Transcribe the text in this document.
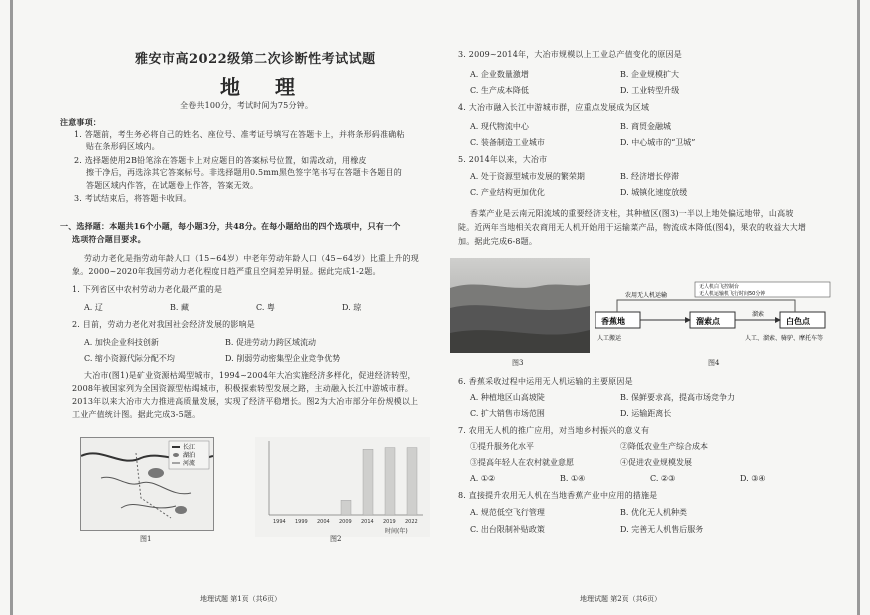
雅安市高2022级第二次诊断性考试试题
地 理
全卷共100分，考试时间为75分钟。
注意事项：
1. 答题前，考生务必将自己的姓名、座位号、准考证号填写在答题卡上，并将条形码准确粘
贴在条形码区域内。
2. 选择题使用2B铅笔涂在答题卡上对应题目的答案标号位置，如需改动，用橡皮
擦干净后，再选涂其它答案标号。非选择题用0.5mm黑色签字笔书写在答题卡各题目的
答题区域内作答，在试题卷上作答，答案无效。
3. 考试结束后，将答题卡收回。
一、选择题：本题共16个小题，每小题3分，共48分。在每小题给出的四个选项中，只有一个
选项符合题目要求。
劳动力老化是指劳动年龄人口（15~64岁）中老年劳动年龄人口（45~64岁）比重上升的现
象。2000~2020年我国劳动力老化程度日趋严重且空间差异明显。据此完成1-2题。
1. 下列省区中农村劳动力老化最严重的是
A. 辽	B. 藏	C. 粤	D. 琼
2. 目前，劳动力老化对我国社会经济发展的影响是
A. 加快企业科技创新	B. 促进劳动力跨区域流动
C. 缩小资源代际分配不均	D. 削弱劳动密集型企业竞争优势
大冶市(图1)是矿业资源枯竭型城市，1994~2004年大冶实施经济多样化，促进经济转型，
2008年被国家列为全国资源型枯竭城市，积极探索转型发展之路，主动融入长江中游城市群。
2013年以来大冶市大力推进高质量发展，实现了经济平稳增长。图2为大冶市部分年份规模以上
工业产值统计图。据此完成3-5题。
长江
湖泊
河流
图1
1994 1999 2004 2009 2014 2019 2022
时间(年)
图2
地理试题 第1页（共6页）
3. 2009~2014年，大冶市规模以上工业总产值变化的原因是
A. 企业数量激增	B. 企业规模扩大
C. 生产成本降低	D. 工业转型升级
4. 大冶市融入长江中游城市群，应重点发展成为区域
A. 现代物流中心	B. 商贸金融城
C. 装备制造工业城市	D. 中心城市的“卫城”
5. 2014年以来，大冶市
A. 处于资源型城市发展的繁荣期	B. 经济增长停滞
C. 产业结构更加优化	D. 城镇化速度放缓
香菜产业是云南元阳流域的重要经济支柱，其种植区(图3)一半以上地处偏远地带，山高坡
陡。近两年当地相关农商用无人机开始用于运输菜产品，物流成本降低(图4)，果农的收益大大增
加。据此完成6-8题。
图3
香蕉地	溜索点	白色点
农用无人机运输
无人机白飞控制台
无人机运输机飞行时间50分钟
人工搬运
溜索
人工、溜索、骑驴、摩托车等
图4
6. 香蕉采收过程中运用无人机运输的主要原因是
A. 种植地区山高坡陡	B. 保鲜要求高，提高市场竞争力
C. 扩大销售市场范围	D. 运输距离长
7. 农用无人机的推广应用，对当地乡村振兴的意义有
①提升服务化水平	②降低农业生产综合成本
③提高年轻人在农村就业意愿	④促进农业规模发展
A. ①②	B. ①④	C. ②③	D. ③④
8. 直接提升农用无人机在当地香蕉产业中应用的措施是
A. 规范低空飞行管理	B. 优化无人机种类
C. 出台限制补贴政策	D. 完善无人机售后服务
地理试题 第2页（共6页）
